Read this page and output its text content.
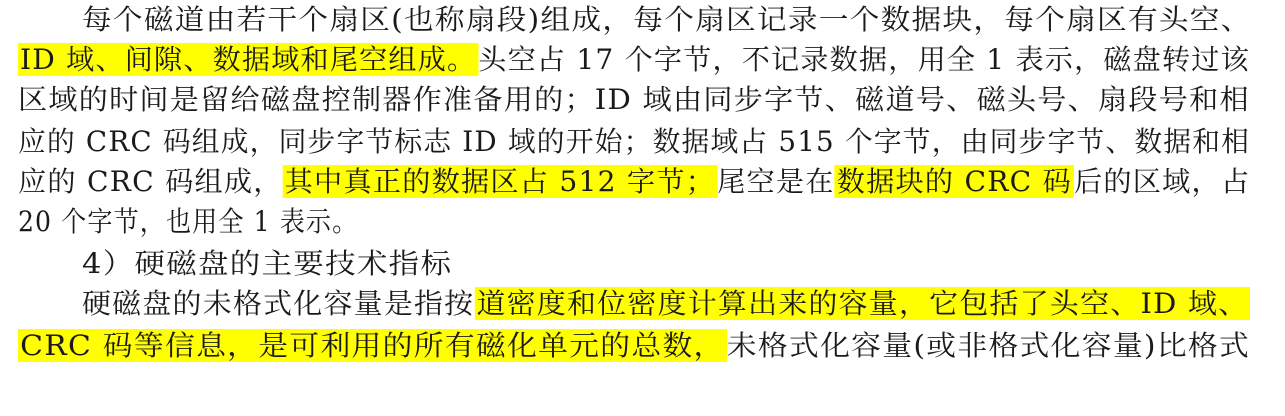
每个磁道由若干个扇区(也称扇段)组成，每个扇区记录一个数据块，每个扇区有头空、
ID 域、间隙、数据域和尾空组成。头空占 17 个字节，不记录数据，用全 1 表示，磁盘转过该
区域的时间是留给磁盘控制器作准备用的；ID 域由同步字节、磁道号、磁头号、扇段号和相
应的 CRC 码组成，同步字节标志 ID 域的开始；数据域占 515 个字节，由同步字节、数据和相
应的 CRC 码组成，其中真正的数据区占 512 字节；尾空是在数据块的 CRC 码后的区域，占
20 个字节，也用全 1 表示。
4）硬磁盘的主要技术指标
硬磁盘的未格式化容量是指按道密度和位密度计算出来的容量，它包括了头空、ID 域、
CRC 码等信息，是可利用的所有磁化单元的总数，未格式化容量(或非格式化容量)比格式
